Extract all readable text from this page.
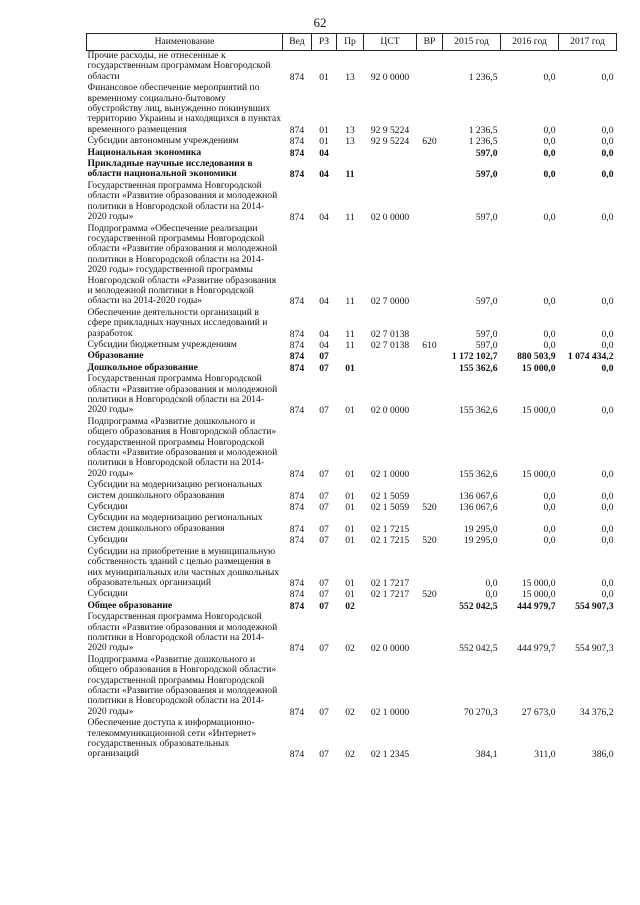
62
Наименование	Вед	РЗ	Пр	ЦСТ	ВР	2015 год	2016 год	2017 год
Прочие расходы, не отнесенные к государственным программам Новгородской области	874	01	13	92 0 0000		1 236,5	0,0	0,0
Финансовое обеспечение мероприятий по временному социально-бытовому обустройству лиц, вынужденно покинувших территорию Украины и находящихся в пунктах временного размещения	874	01	13	92 9 5224		1 236,5	0,0	0,0
Субсидии автономным учреждениям	874	01	13	92 9 5224	620	1 236,5	0,0	0,0
Национальная экономика	874	04				597,0	0,0	0,0
Прикладные научные исследования в области национальной экономики	874	04	11			597,0	0,0	0,0
Государственная программа Новгородской области «Развитие образования и молодежной политики в Новгородской области на 2014-2020 годы»	874	04	11	02 0 0000		597,0	0,0	0,0
Подпрограмма «Обеспечение реализации государственной программы Новгородской области «Развитие образования и молодежной политики в Новгородской области на 2014-2020 годы» государственной программы Новгородской области «Развитие образования и молодежной политики в Новгородской области на 2014-2020 годы»	874	04	11	02 7 0000		597,0	0,0	0,0
Обеспечение деятельности организаций в сфере прикладных научных исследований и разработок	874	04	11	02 7 0138		597,0	0,0	0,0
Субсидии бюджетным учреждениям	874	04	11	02 7 0138	610	597,0	0,0	0,0
Образование	874	07				1 172 102,7	880 503,9	1 074 434,2
Дошкольное образование	874	07	01			155 362,6	15 000,0	0,0
Государственная программа Новгородской области «Развитие образования и молодежной политики в Новгородской области на 2014-2020 годы»	874	07	01	02 0 0000		155 362,6	15 000,0	0,0
Подпрограмма «Развитие дошкольного и общего образования в Новгородской области» государственной программы Новгородской области «Развитие образования и молодежной политики в Новгородской области на 2014-2020 годы»	874	07	01	02 1 0000		155 362,6	15 000,0	0,0
Субсидии на модернизацию региональных систем дошкольного образования	874	07	01	02 1 5059		136 067,6	0,0	0,0
Субсидии	874	07	01	02 1 5059	520	136 067,6	0,0	0,0
Субсидии на модернизацию региональных систем дошкольного образования	874	07	01	02 1 7215		19 295,0	0,0	0,0
Субсидии	874	07	01	02 1 7215	520	19 295,0	0,0	0,0
Субсидии на приобретение в муниципальную собственность зданий с целью размещения в них муниципальных или частных дошкольных образовательных организаций	874	07	01	02 1 7217		0,0	15 000,0	0,0
Субсидии	874	07	01	02 1 7217	520	0,0	15 000,0	0,0
Общее образование	874	07	02			552 042,5	444 979,7	554 907,3
Государственная программа Новгородской области «Развитие образования и молодежной политики в Новгородской области на 2014-2020 годы»	874	07	02	02 0 0000		552 042,5	444 979,7	554 907,3
Подпрограмма «Развитие дошкольного и общего образования в Новгородской области» государственной программы Новгородской области «Развитие образования и молодежной политики в Новгородской области на 2014-2020 годы»	874	07	02	02 1 0000		70 270,3	27 673,0	34 376,2
Обеспечение доступа к информационно-телекоммуникационной сети «Интернет» государственных образовательных организаций	874	07	02	02 1 2345		384,1	311,0	386,0
